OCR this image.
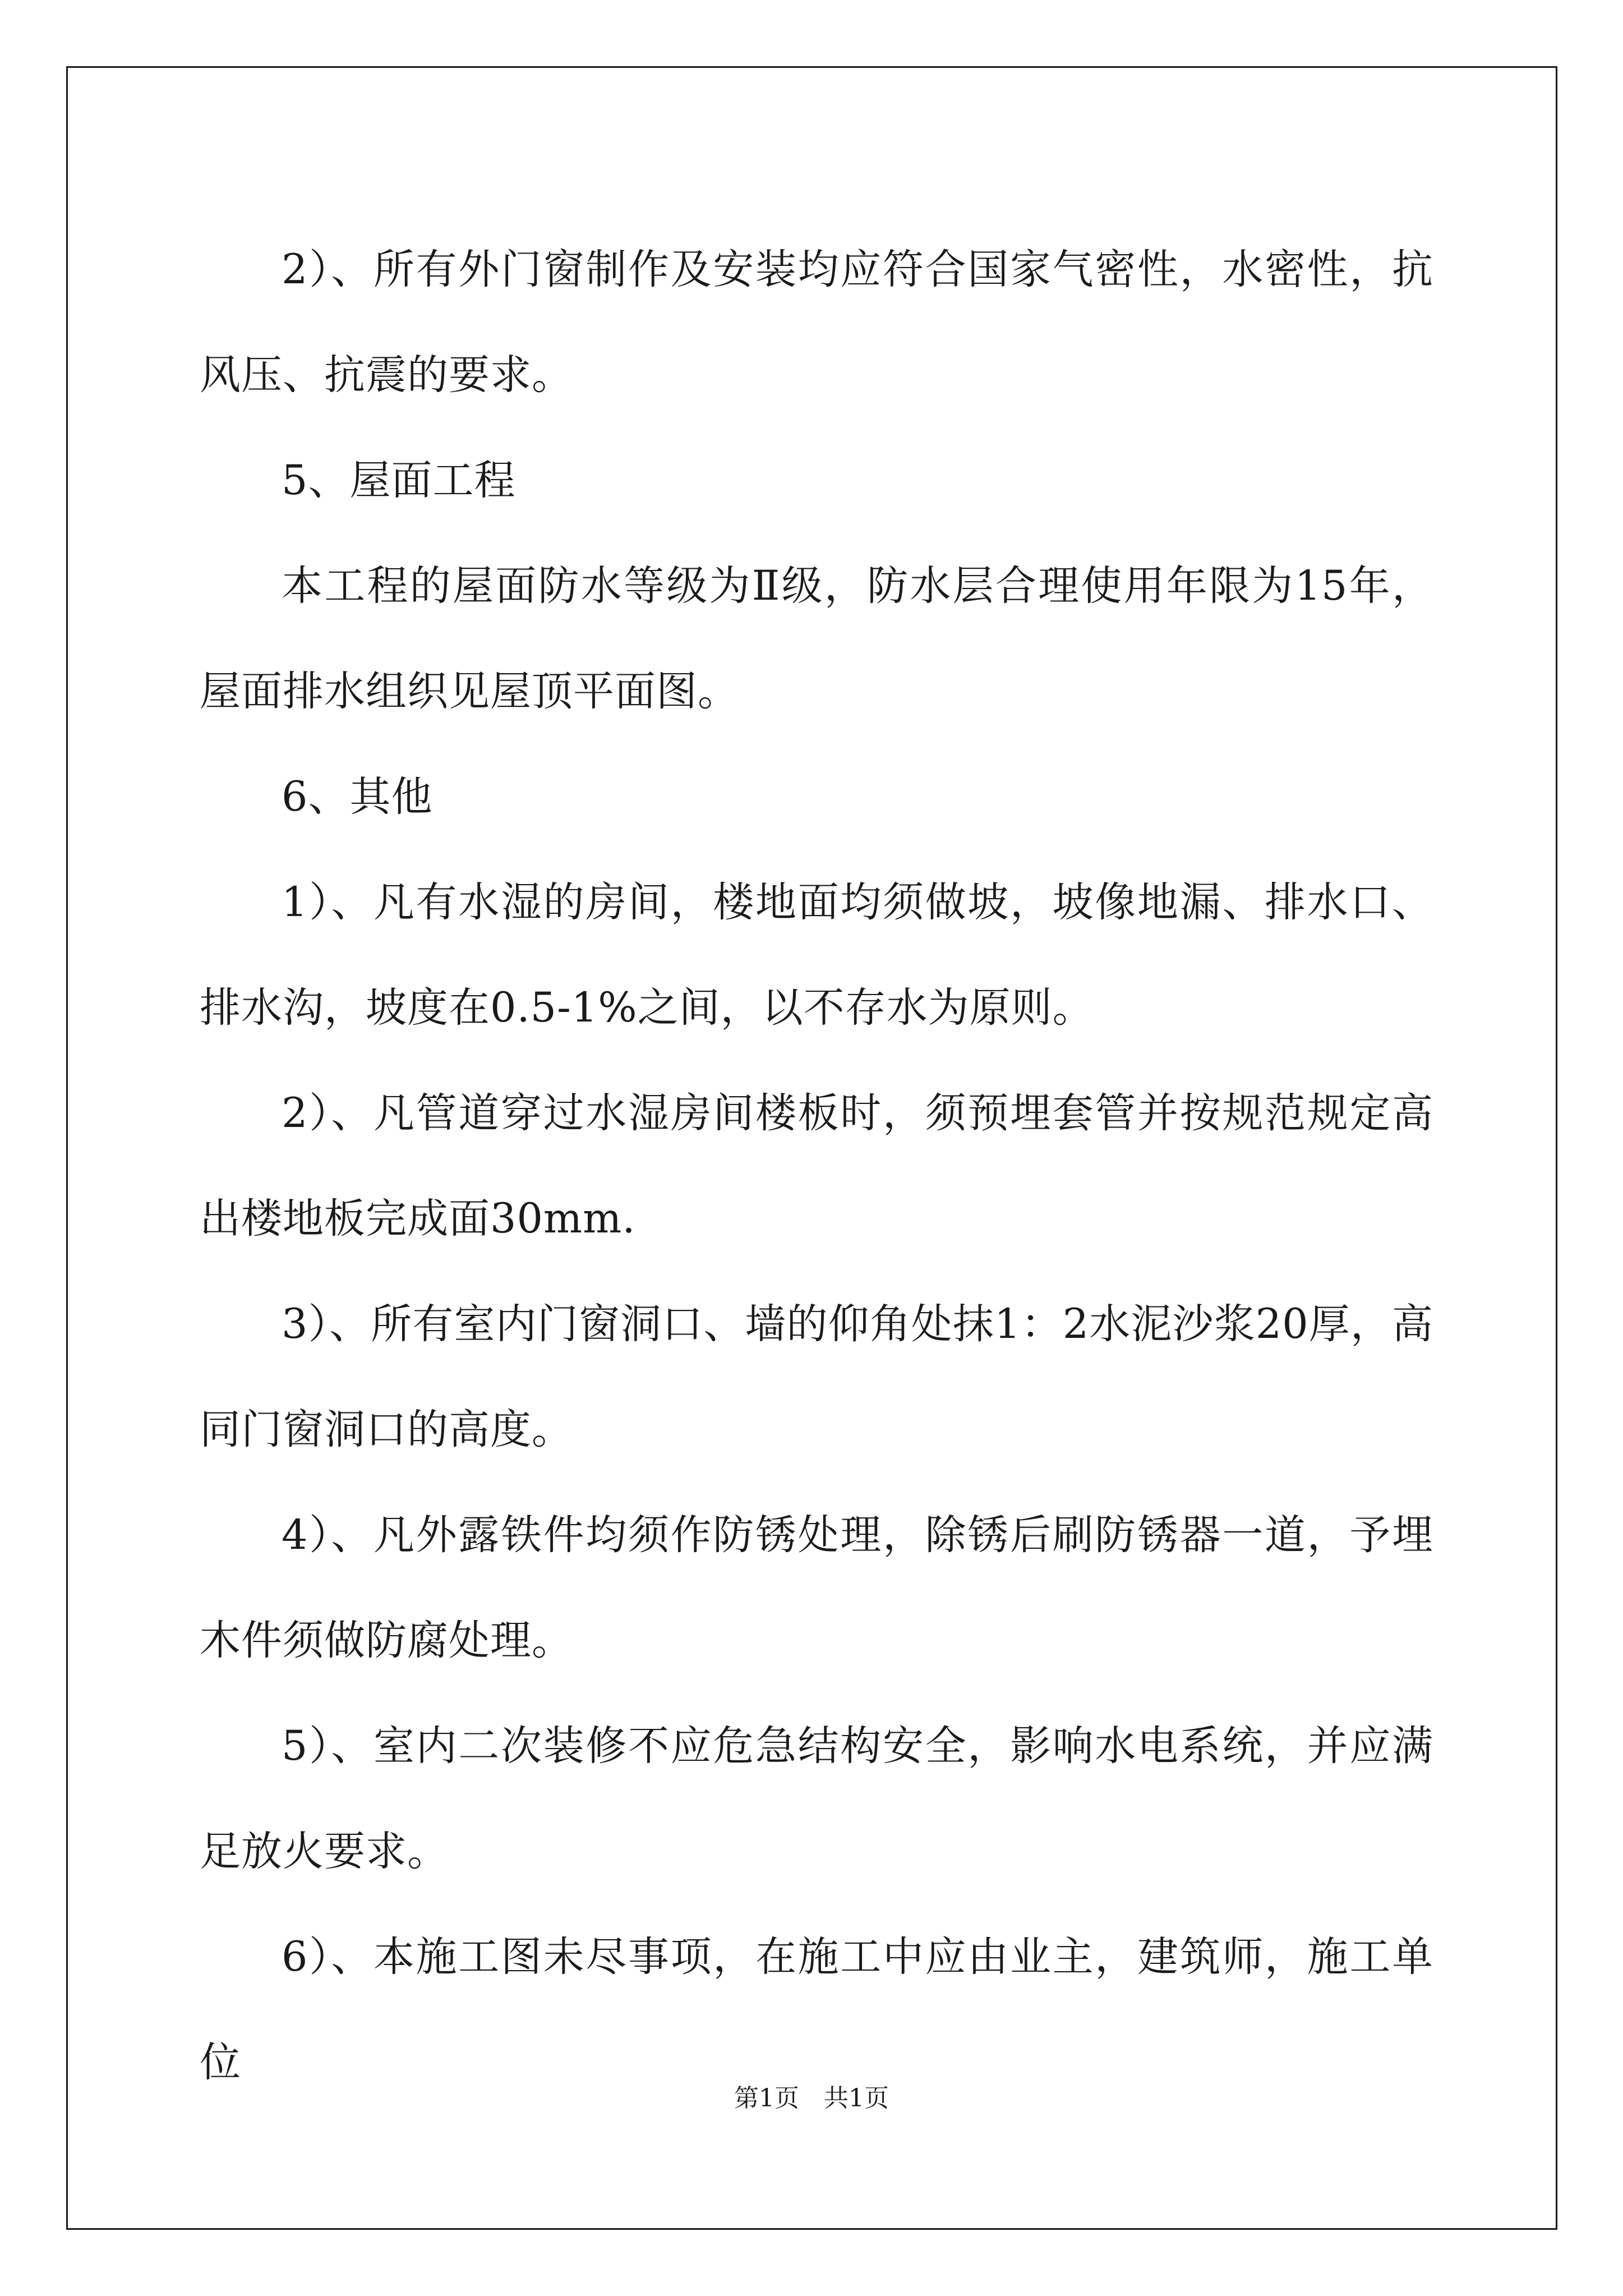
2）、所有外门窗制作及安装均应符合国家气密性，水密性，抗风压、抗震的要求。

5、屋面工程

本工程的屋面防水等级为Ⅱ级，防水层合理使用年限为15年，屋面排水组织见屋顶平面图。

6、其他

1）、凡有水湿的房间，楼地面均须做坡，坡像地漏、排水口、排水沟，坡度在0.5-1%之间，以不存水为原则。

2）、凡管道穿过水湿房间楼板时，须预埋套管并按规范规定高出楼地板完成面30mm.

3）、所有室内门窗洞口、墙的仰角处抹1：2水泥沙浆20厚，高同门窗洞口的高度。

4）、凡外露铁件均须作防锈处理，除锈后刷防锈器一道，予埋木件须做防腐处理。

5）、室内二次装修不应危急结构安全，影响水电系统，并应满足放火要求。

6）、本施工图未尽事项，在施工中应由业主，建筑师，施工单位

第1页　共1页
